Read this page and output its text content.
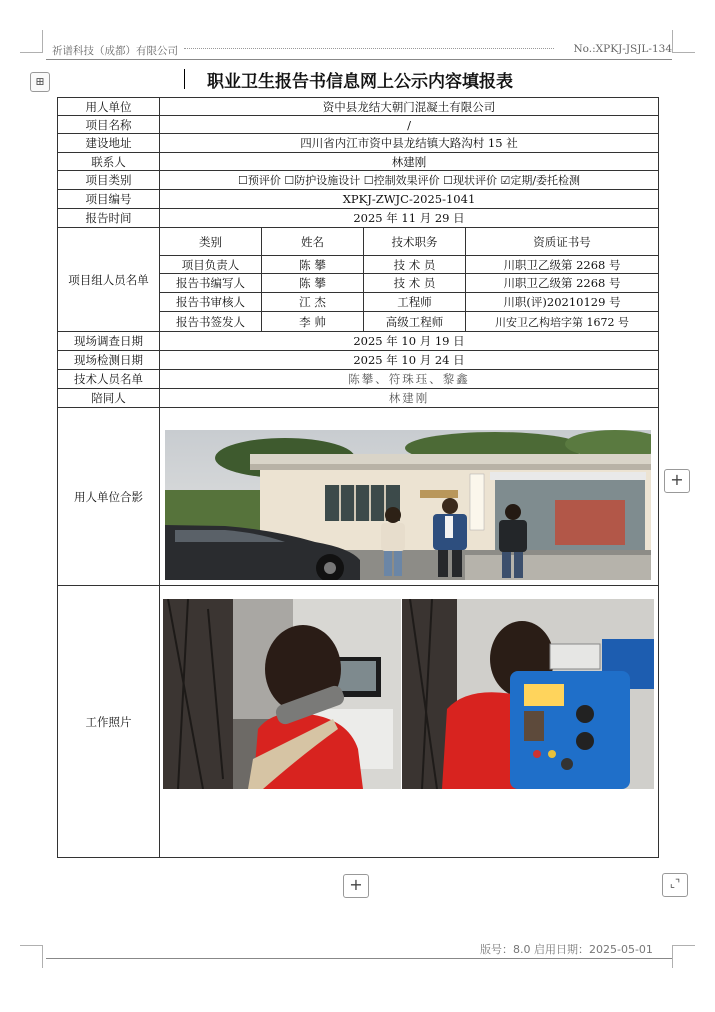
祈谱科技（成都）有限公司	No.:XPKJ-JSJL-134
⊞	职业卫生报告书信息网上公示内容填报表
用人单位	资中县龙结大朝门混凝土有限公司			
项目名称	/			
建设地址	四川省内江市资中县龙结镇大路沟村 15 社			
联系人	林建刚			
项目类别	☐预评价 ☐防护设施设计 ☐控制效果评价 ☐现状评价 ☑定期/委托检测			
项目编号	XPKJ-ZWJC-2025-1041			
报告时间	2025 年 11 月 29 日			
项目组人员名单	类别	姓名	技术职务	资质证书号
	项目负责人	陈 攀	技 术 员	川职卫乙级第 2268 号
	报告书编写人	陈 攀	技 术 员	川职卫乙级第 2268 号
	报告书审核人	江 杰	工程师	川职(评)20210129 号
	报告书签发人	李 帅	高级工程师	川安卫乙构培字第 1672 号
现场调查日期	2025 年 10 月 19 日			
现场检测日期	2025 年 10 月 24 日			
技术人员名单	陈攀、符珠珏、黎鑫			
陪同人	林建刚			
用人单位合影				
工作照片				
+
+	⌞⌝
版号：8.0 启用日期：2025-05-01
